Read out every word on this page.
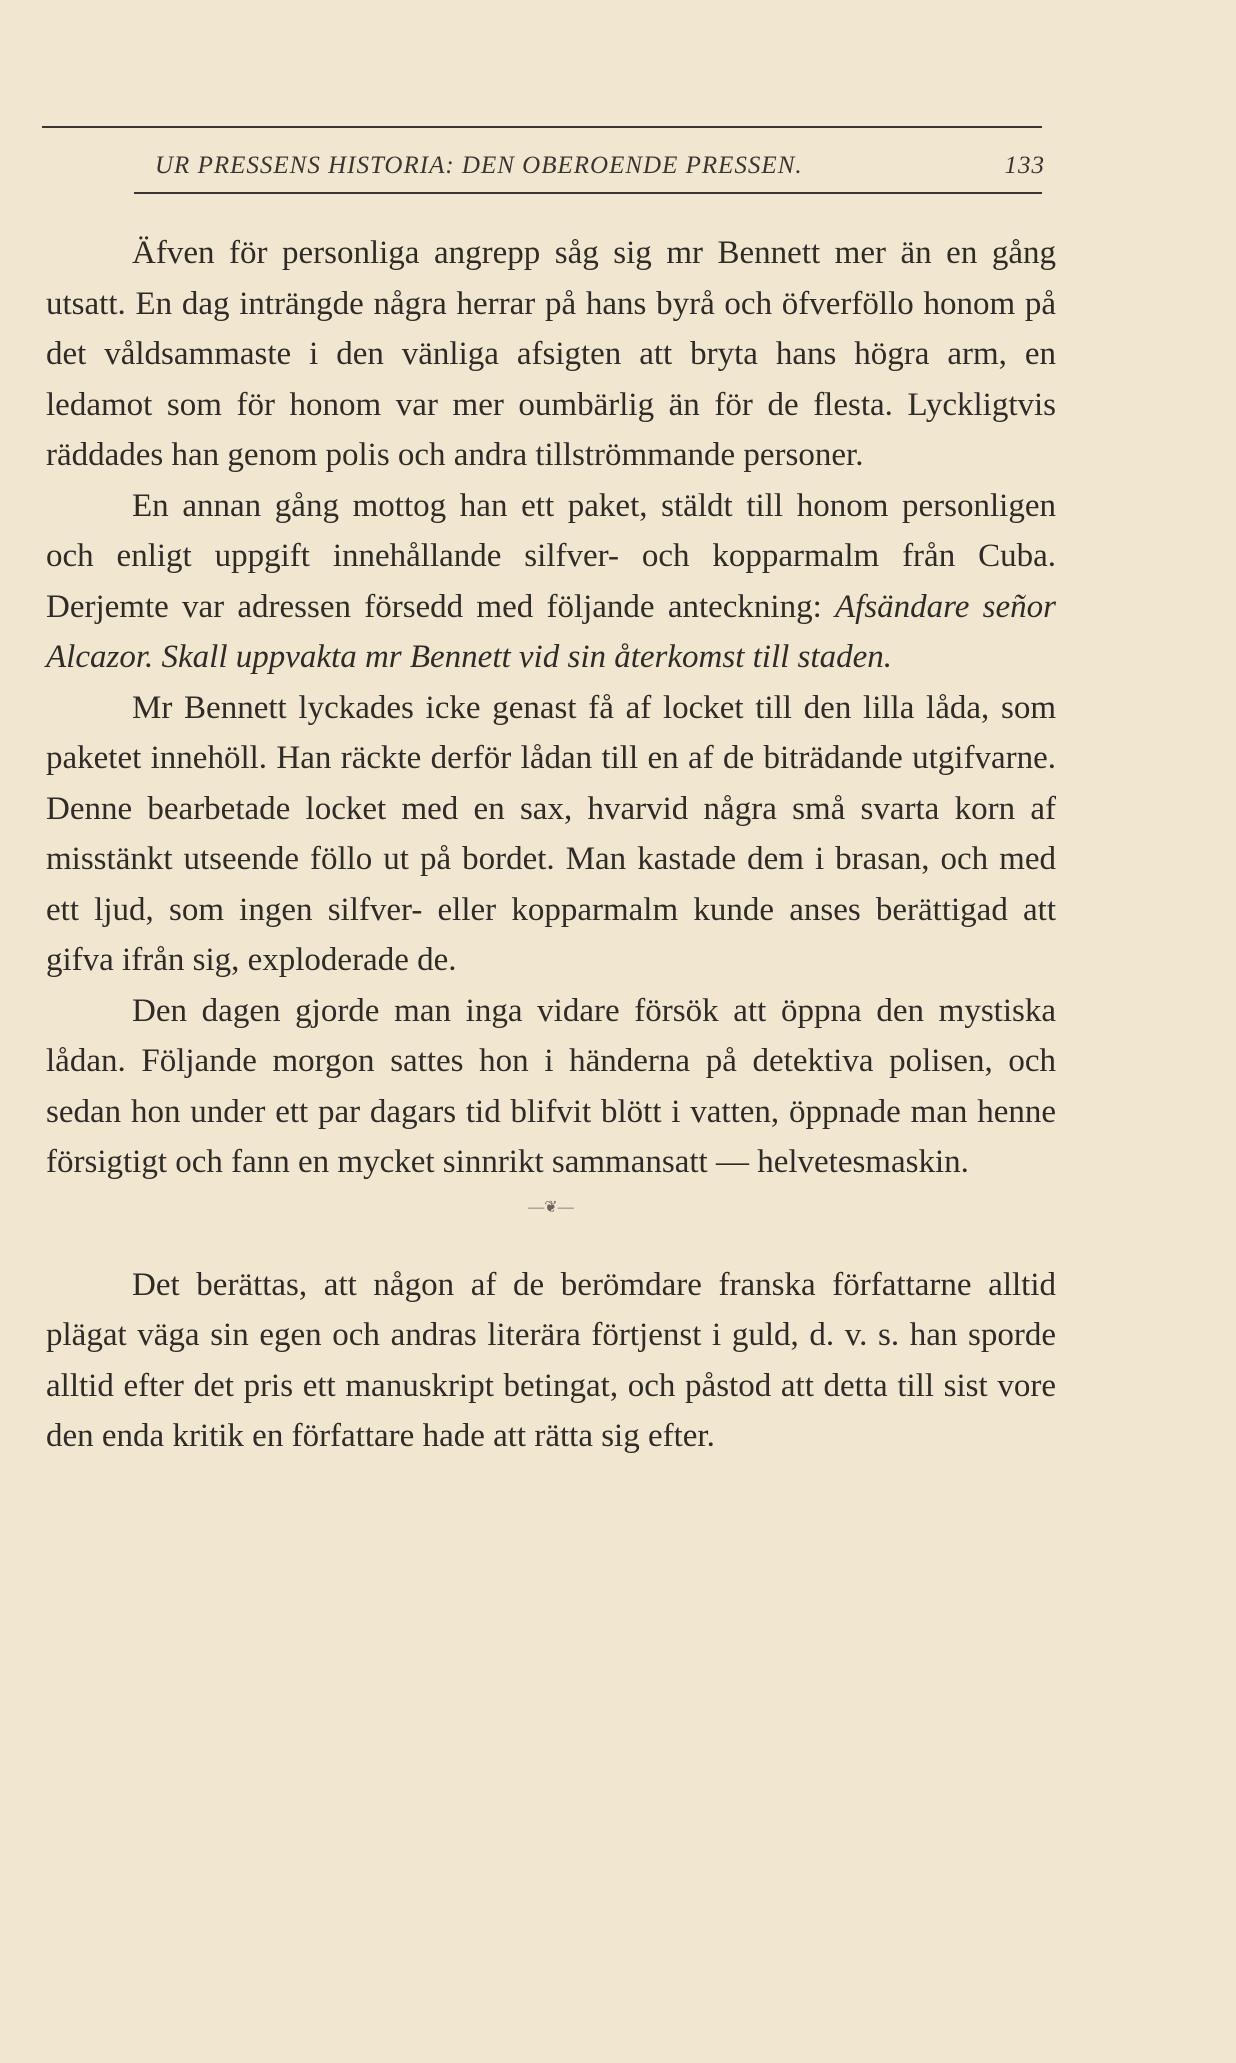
UR PRESSENS HISTORIA: DEN OBEROENDE PRESSEN.	133

Äfven för personliga angrepp såg sig mr Bennett mer än en gång utsatt. En dag inträngde några herrar på hans byrå och öfverföllo honom på det våldsammaste i den vänliga afsigten att bryta hans högra arm, en ledamot som för honom var mer oumbärlig än för de flesta. Lyckligtvis räddades han genom polis och andra tillströmmande personer.

En annan gång mottog han ett paket, stäldt till honom personligen och enligt uppgift innehållande silfver- och kopparmalm från Cuba. Derjemte var adressen försedd med följande anteckning: Afsändare señor Alcazor. Skall uppvakta mr Bennett vid sin återkomst till staden.

Mr Bennett lyckades icke genast få af locket till den lilla låda, som paketet innehöll. Han räckte derför lådan till en af de biträdande utgifvarne. Denne bearbetade locket med en sax, hvarvid några små svarta korn af misstänkt utseende föllo ut på bordet. Man kastade dem i brasan, och med ett ljud, som ingen silfver- eller kopparmalm kunde anses berättigad att gifva ifrån sig, exploderade de.

Den dagen gjorde man inga vidare försök att öppna den mystiska lådan. Följande morgon sattes hon i händerna på detektiva polisen, och sedan hon under ett par dagars tid blifvit blött i vatten, öppnade man henne försigtigt och fann en mycket sinnrikt sammansatt — helvetesmaskin.

—❦—

Det berättas, att någon af de berömdare franska författarne alltid plägat väga sin egen och andras literära förtjenst i guld, d. v. s. han sporde alltid efter det pris ett manuskript betingat, och påstod att detta till sist vore den enda kritik en författare hade att rätta sig efter.
